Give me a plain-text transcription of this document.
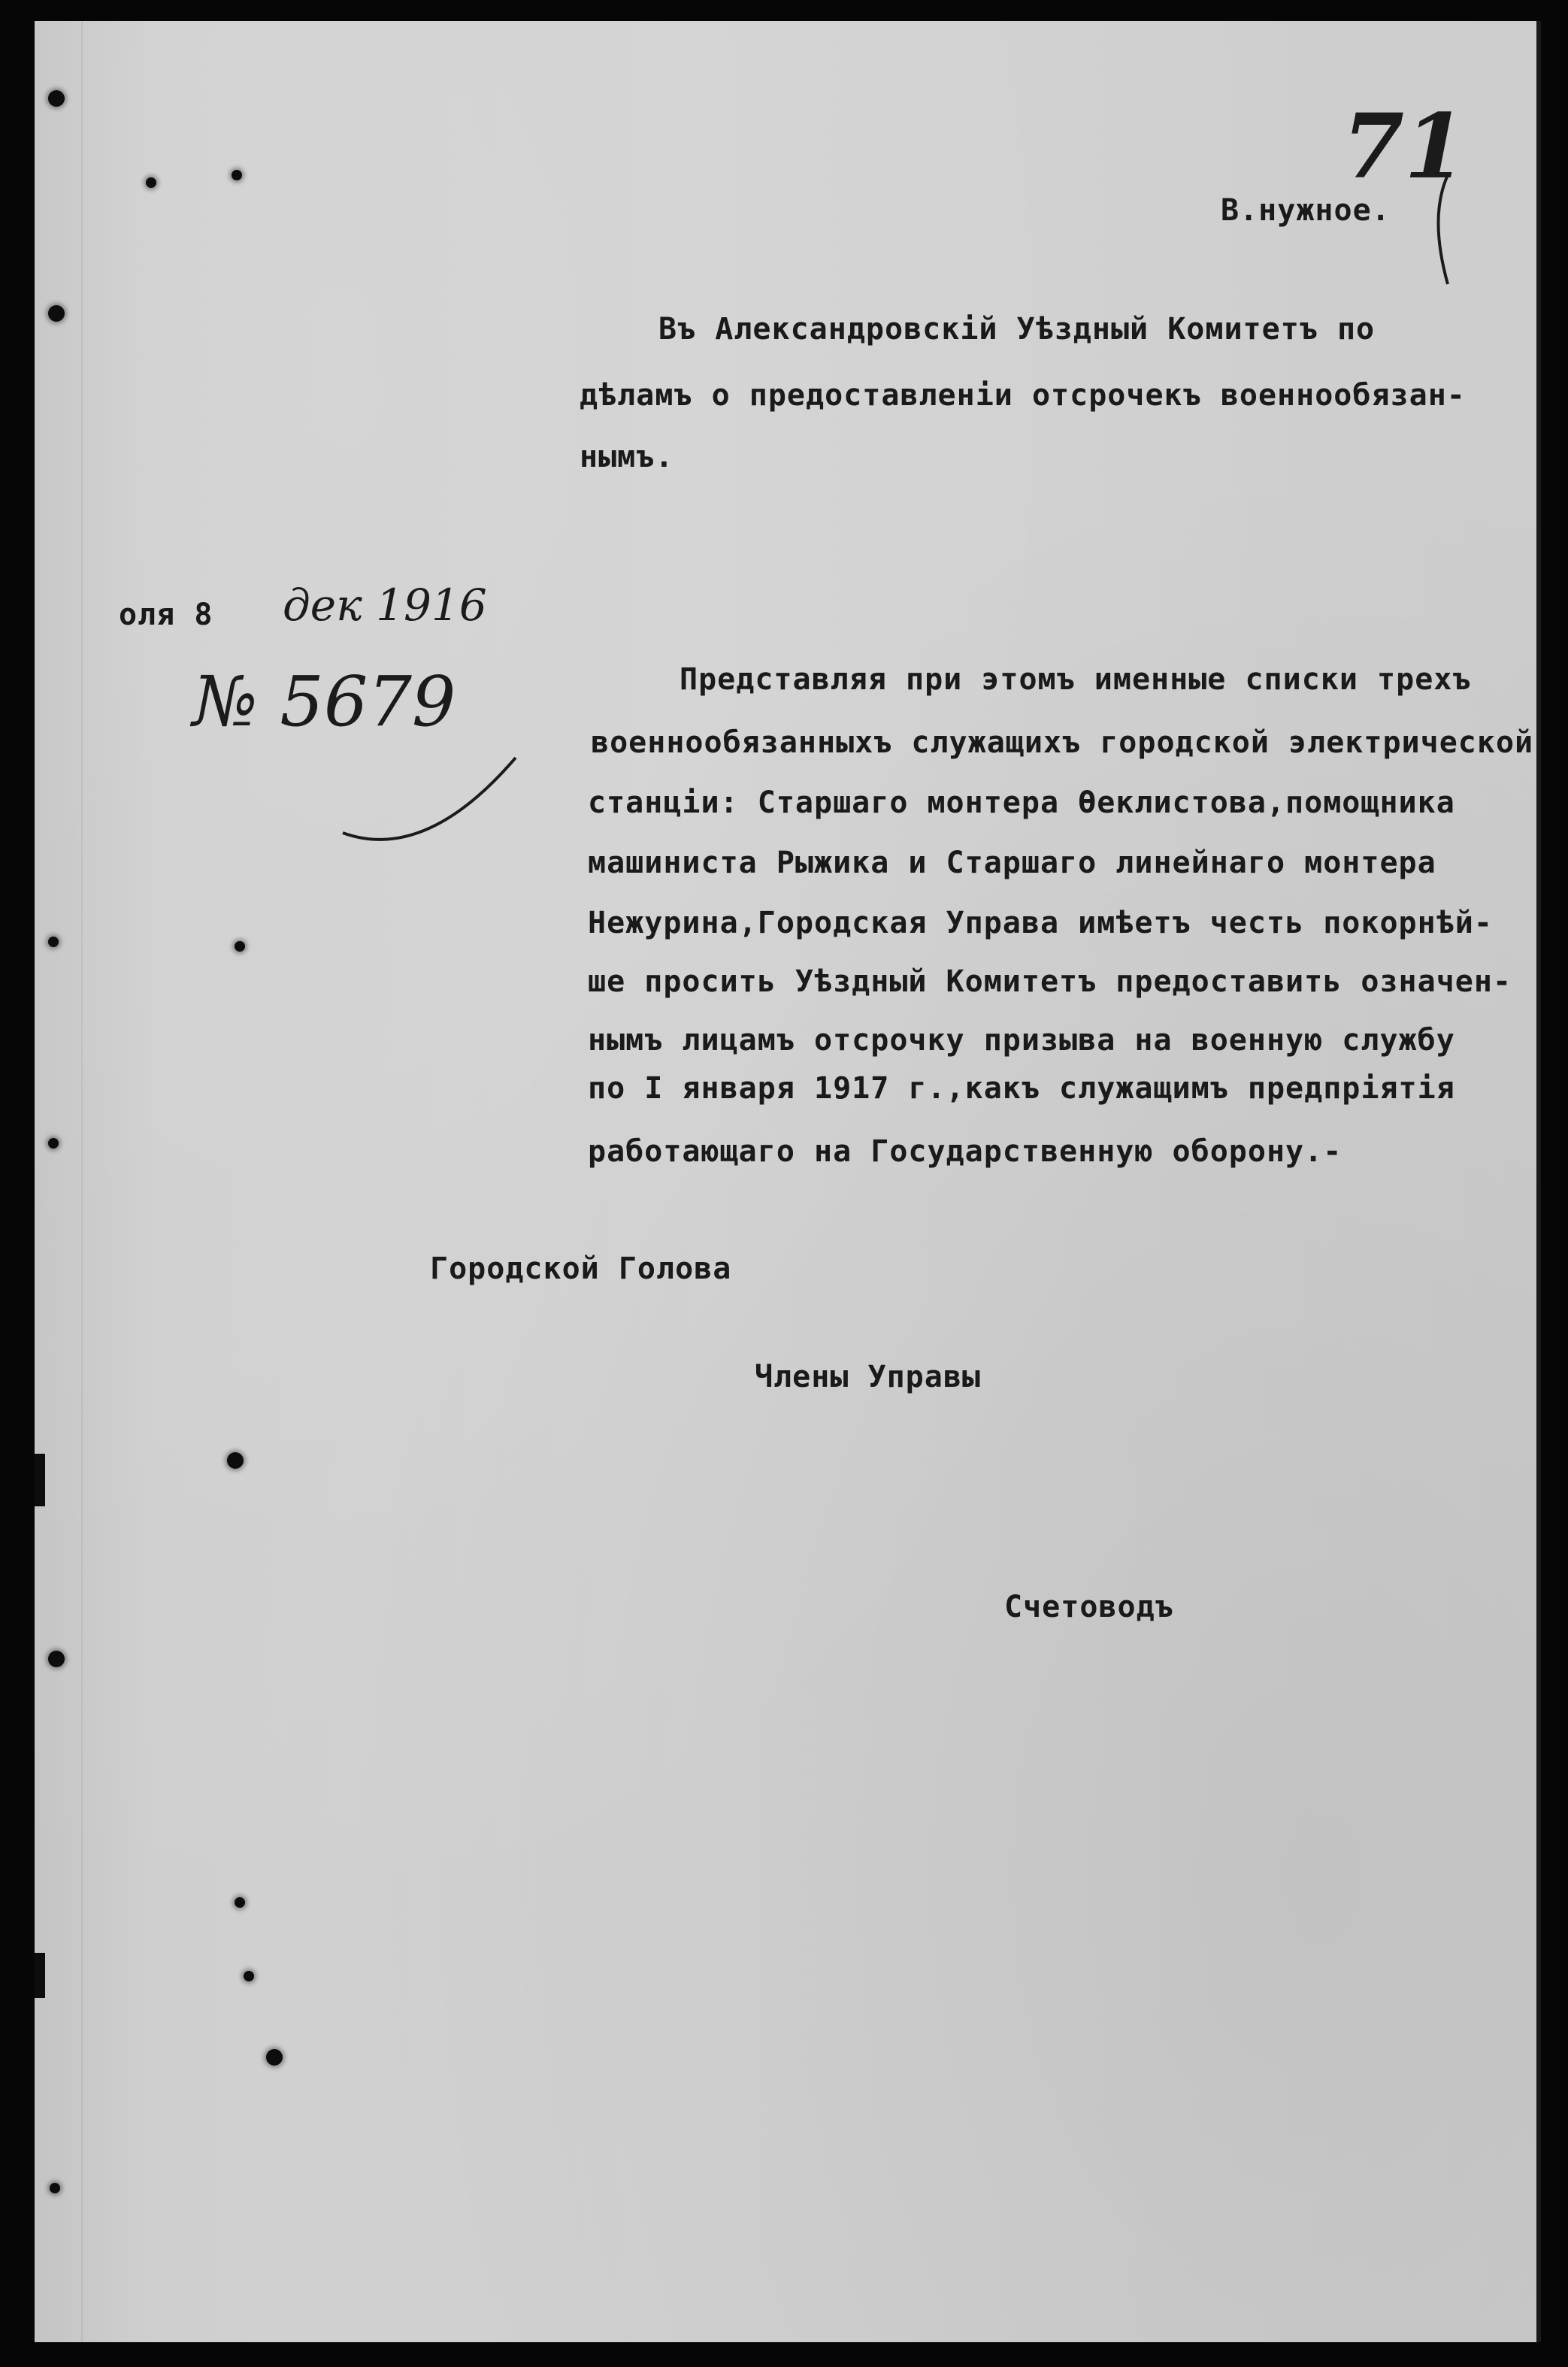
71
В.нужное.
Въ Александровскій Уѣздный Комитетъ по
дѣламъ о предоставленіи отсрочекъ военнообязан-
нымъ.
оля 8 дек 1916
№ 5679	Представляя при этомъ именные списки трехъ
военнообязанныхъ служащихъ городской электрической
станціи: Старшаго монтера Өеклистова,помощника
машиниста Рыжика и Старшаго линейнаго монтера
Нежурина,Городская Управа имѣетъ честь покорнѣй-
ше просить Уѣздный Комитетъ предоставить означен-
нымъ лицамъ отсрочку призыва на военную службу
по I января 1917 г.,какъ служащимъ предпріятія
работающаго на Государственную оборону.-
Городской Голова
Члены Управы
Счетоводъ
